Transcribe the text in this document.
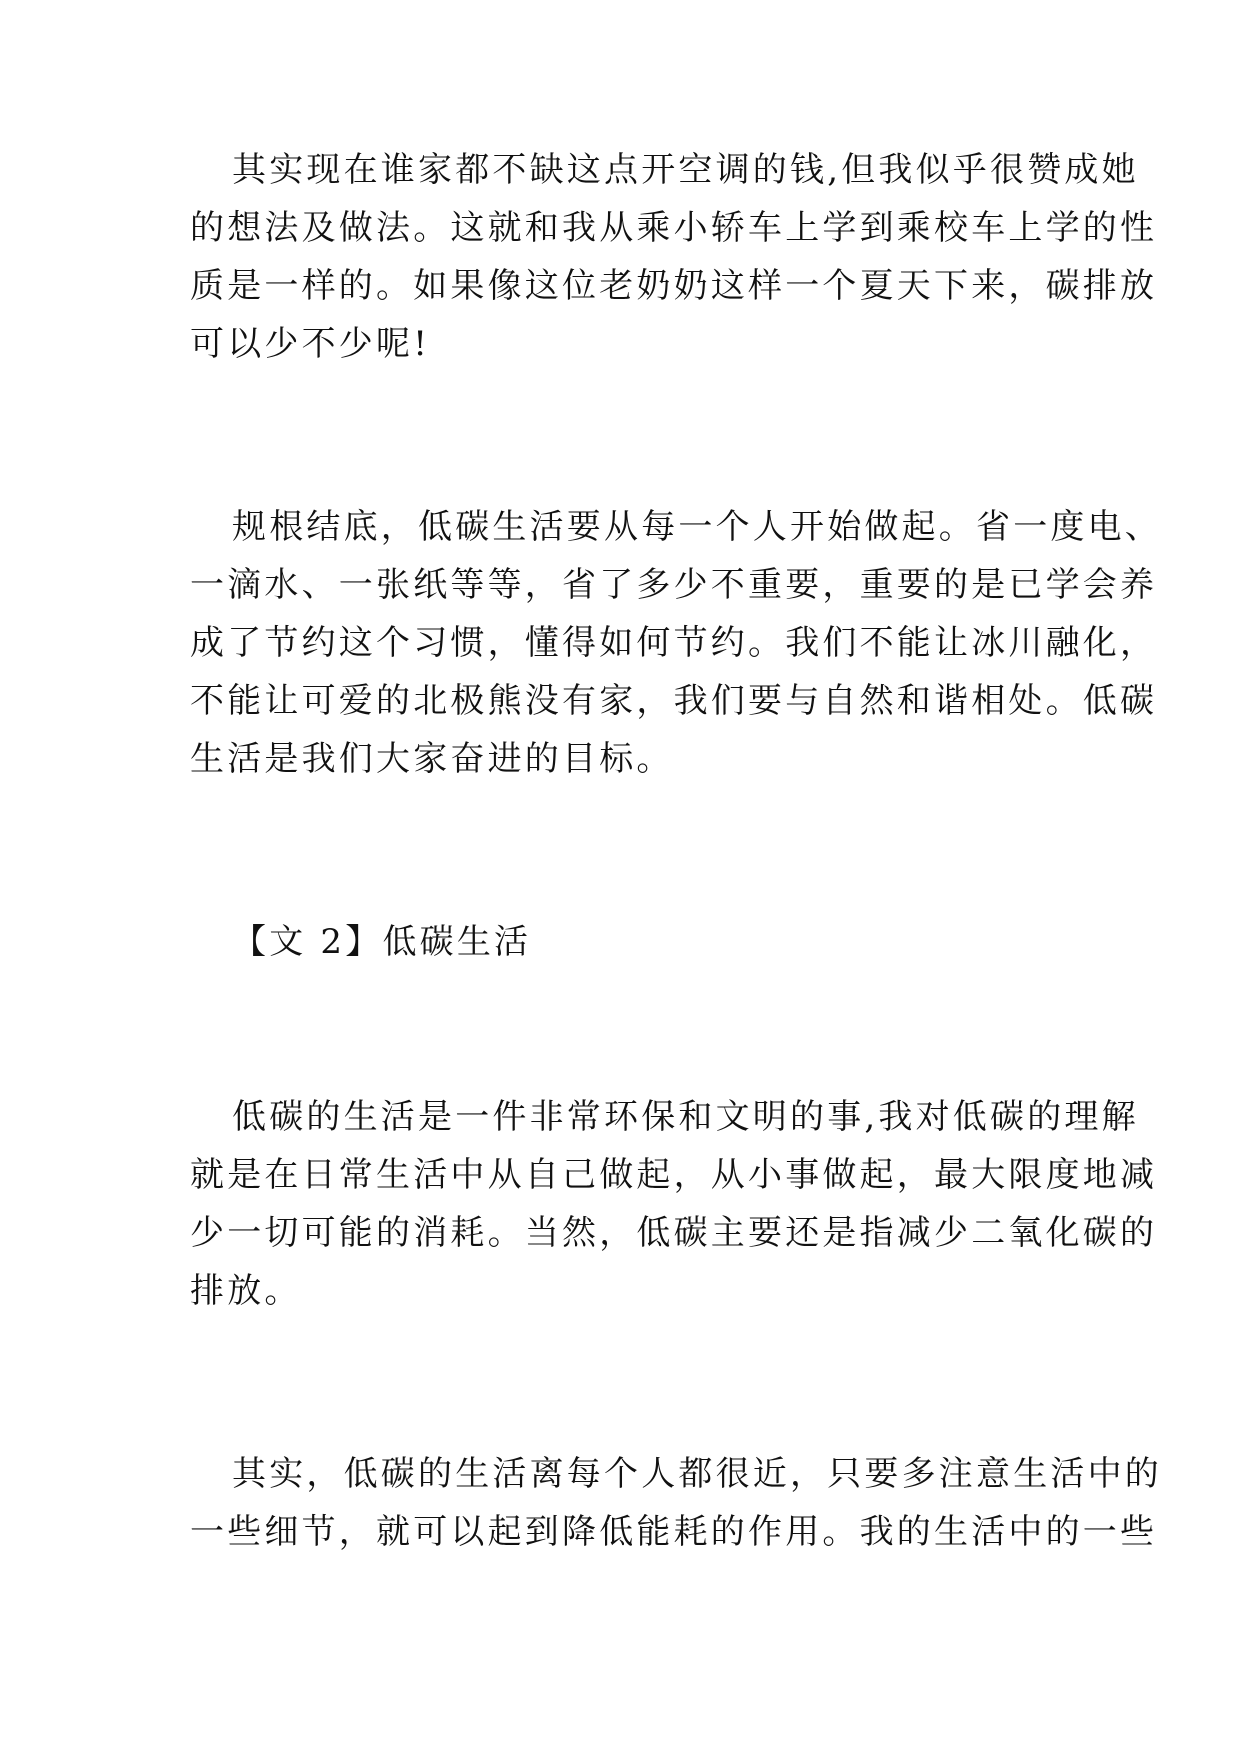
其实现在谁家都不缺这点开空调的钱,但我似乎很赞成她
的想法及做法。这就和我从乘小轿车上学到乘校车上学的性
质是一样的。如果像这位老奶奶这样一个夏天下来，碳排放
可以少不少呢!
规根结底，低碳生活要从每一个人开始做起。省一度电、
一滴水、一张纸等等，省了多少不重要，重要的是已学会养
成了节约这个习惯，懂得如何节约。我们不能让冰川融化，
不能让可爱的北极熊没有家，我们要与自然和谐相处。低碳
生活是我们大家奋进的目标。
【文 2】低碳生活
低碳的生活是一件非常环保和文明的事,我对低碳的理解
就是在日常生活中从自己做起，从小事做起，最大限度地减
少一切可能的消耗。当然，低碳主要还是指减少二氧化碳的
排放。
其实，低碳的生活离每个人都很近，只要多注意生活中的
一些细节，就可以起到降低能耗的作用。我的生活中的一些
